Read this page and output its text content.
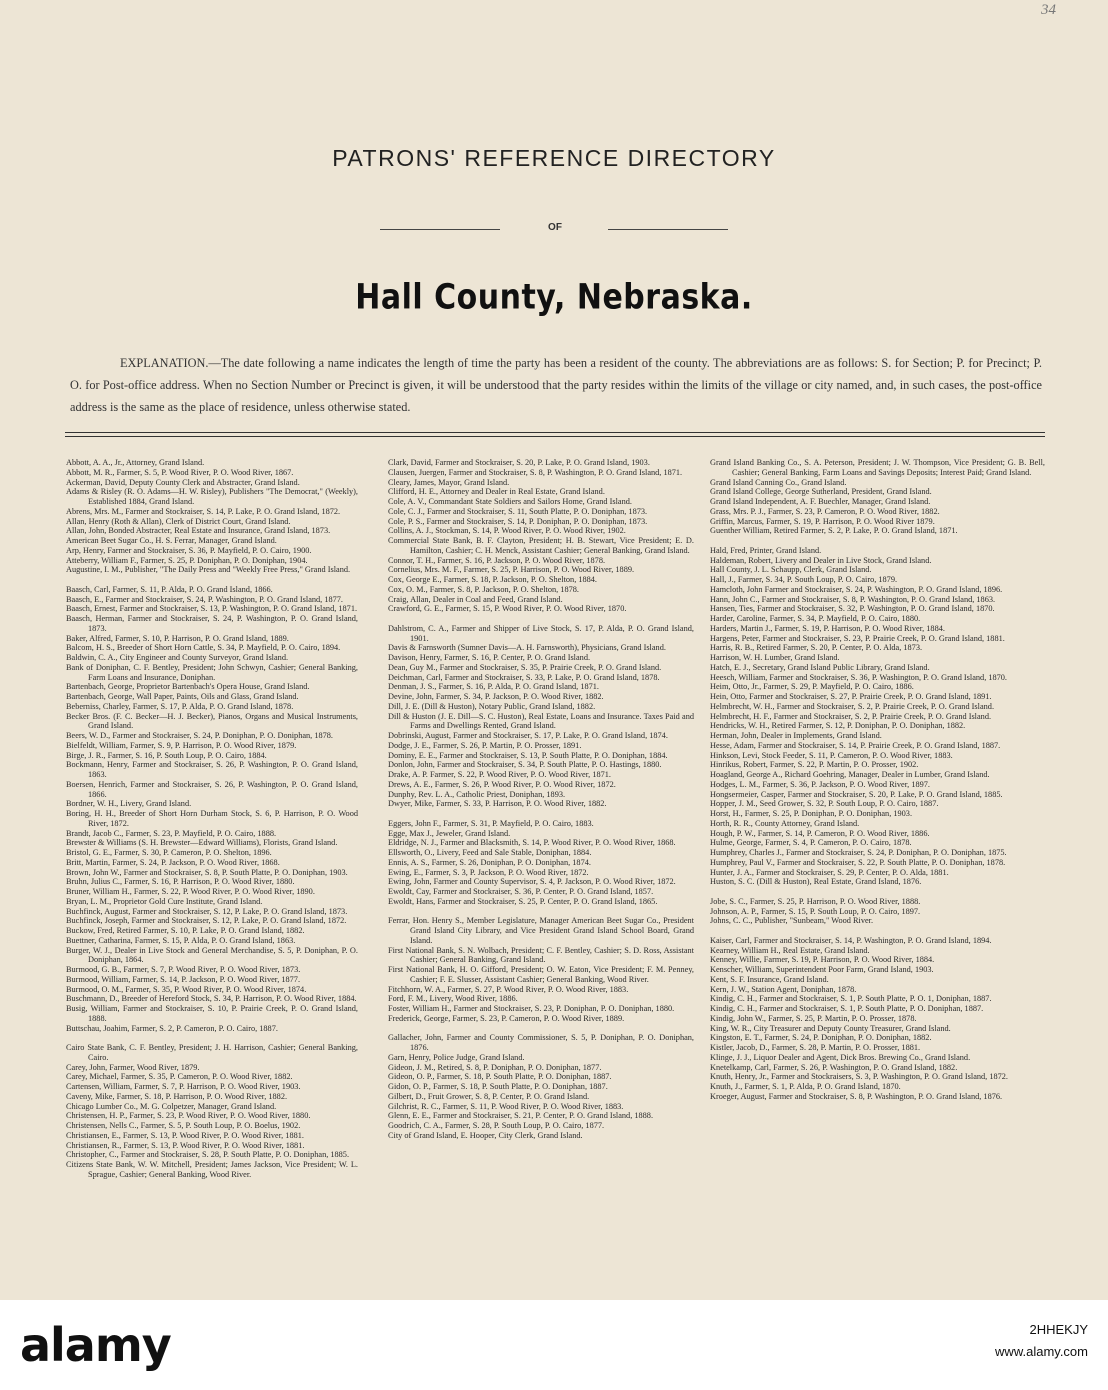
34
PATRONS' REFERENCE DIRECTORY
OF
Hall County, Nebraska.
EXPLANATION.—The date following a name indicates the length of time the party has been a resident of the county. The abbreviations are as follows: S. for Section; P. for Precinct; P. O. for Post-office address. When no Section Number or Precinct is given, it will be understood that the party resides within the limits of the village or city named, and, in such cases, the post-office address is the same as the place of residence, unless otherwise stated.
Abbott, A. A., Jr., Attorney, Grand Island.
Abbott, M. R., Farmer, S. 5, P. Wood River, P. O. Wood River, 1867.
Ackerman, David, Deputy County Clerk and Abstracter, Grand Island.
Adams & Risley (R. O. Adams—H. W. Risley), Publishers "The Democrat," (Weekly), Established 1884, Grand Island.
Abrens, Mrs. M., Farmer and Stockraiser, S. 14, P. Lake, P. O. Grand Island, 1872.
Allan, Henry (Roth & Allan), Clerk of District Court, Grand Island.
Allan, John, Bonded Abstracter, Real Estate and Insurance, Grand Island, 1873.
American Beet Sugar Co., H. S. Ferrar, Manager, Grand Island.
Arp, Henry, Farmer and Stockraiser, S. 36, P. Mayfield, P. O. Cairo, 1900.
Atteberry, William F., Farmer, S. 25, P. Doniphan, P. O. Doniphan, 1904.
Augustine, I. M., Publisher, "The Daily Press and "Weekly Free Press," Grand Island.
Baasch, Carl, Farmer, S. 11, P. Alda, P. O. Grand Island, 1866.
Baasch, E., Farmer and Stockraiser, S. 24, P. Washington, P. O. Grand Island, 1877.
Baasch, Ernest, Farmer and Stockraiser, S. 13, P. Washington, P. O. Grand Island, 1871.
Baasch, Herman, Farmer and Stockraiser, S. 24, P. Washington, P. O. Grand Island, 1873.
Baker, Alfred, Farmer, S. 10, P. Harrison, P. O. Grand Island, 1889.
Balcom, H. S., Breeder of Short Horn Cattle, S. 34, P. Mayfield, P. O. Cairo, 1894.
Baldwin, C. A., City Engineer and County Surveyor, Grand Island.
Bank of Doniphan, C. F. Bentley, President; John Schwyn, Cashier; General Banking, Farm Loans and Insurance, Doniphan.
Bartenbach, George, Proprietor Bartenbach's Opera House, Grand Island.
Bartenbach, George, Wall Paper, Paints, Oils and Glass, Grand Island.
Beberniss, Charley, Farmer, S. 17, P. Alda, P. O. Grand Island, 1878.
Becker Bros. (F. C. Becker—H. J. Becker), Pianos, Organs and Musical Instruments, Grand Island.
Beers, W. D., Farmer and Stockraiser, S. 24, P. Doniphan, P. O. Doniphan, 1878.
Bielfeldt, William, Farmer, S. 9, P. Harrison, P. O. Wood River, 1879.
Birge, J. R., Farmer, S. 16, P. South Loup, P. O. Cairo, 1884.
Bockmann, Henry, Farmer and Stockraiser, S. 26, P. Washington, P. O. Grand Island, 1863.
Boersen, Henrich, Farmer and Stockraiser, S. 26, P. Washington, P. O. Grand Island, 1866.
Bordner, W. H., Livery, Grand Island.
Boring, H. H., Breeder of Short Horn Durham Stock, S. 6, P. Harrison, P. O. Wood River, 1872.
Brandt, Jacob C., Farmer, S. 23, P. Mayfield, P. O. Cairo, 1888.
Brewster & Williams (S. H. Brewster—Edward Williams), Florists, Grand Island.
Bristol, G. E., Farmer, S. 30, P. Cameron, P. O. Shelton, 1896.
Britt, Martin, Farmer, S. 24, P. Jackson, P. O. Wood River, 1868.
Brown, John W., Farmer and Stockraiser, S. 8, P. South Platte, P. O. Doniphan, 1903.
Bruhn, Julius C., Farmer, S. 16, P. Harrison, P. O. Wood River, 1880.
Bruner, William H., Farmer, S. 22, P. Wood River, P. O. Wood River, 1890.
Bryan, L. M., Proprietor Gold Cure Institute, Grand Island.
Buchfinck, August, Farmer and Stockraiser, S. 12, P. Lake, P. O. Grand Island, 1873.
Buchfinck, Joseph, Farmer and Stockraiser, S. 12, P. Lake, P. O. Grand Island, 1872.
Buckow, Fred, Retired Farmer, S. 10, P. Lake, P. O. Grand Island, 1882.
Buettner, Catharina, Farmer, S. 15, P. Alda, P. O. Grand Island, 1863.
Burger, W. J., Dealer in Live Stock and General Merchandise, S. 5, P. Doniphan, P. O. Doniphan, 1864.
Burmood, G. B., Farmer, S. 7, P. Wood River, P. O. Wood River, 1873.
Burmood, William, Farmer, S. 14, P. Jackson, P. O. Wood River, 1877.
Burmood, O. M., Farmer, S. 35, P. Wood River, P. O. Wood River, 1874.
Buschmann, D., Breeder of Hereford Stock, S. 34, P. Harrison, P. O. Wood River, 1884.
Busig, William, Farmer and Stockraiser, S. 10, P. Prairie Creek, P. O. Grand Island, 1888.
Buttschau, Joahim, Farmer, S. 2, P. Cameron, P. O. Cairo, 1887.
Cairo State Bank, C. F. Bentley, President; J. H. Harrison, Cashier; General Banking, Cairo.
Carey, John, Farmer, Wood River, 1879.
Carey, Michael, Farmer, S. 35, P. Cameron, P. O. Wood River, 1882.
Cartensen, William, Farmer, S. 7, P. Harrison, P. O. Wood River, 1903.
Caveny, Mike, Farmer, S. 18, P. Harrison, P. O. Wood River, 1882.
Chicago Lumber Co., M. G. Colpetzer, Manager, Grand Island.
Christensen, H. P., Farmer, S. 23, P. Wood River, P. O. Wood River, 1880.
Christensen, Nells C., Farmer, S. 5, P. South Loup, P. O. Boelus, 1902.
Christiansen, E., Farmer, S. 13, P. Wood River, P. O. Wood River, 1881.
Christiansen, R., Farmer, S. 13, P. Wood River, P. O. Wood River, 1881.
Christopher, C., Farmer and Stockraiser, S. 28, P. South Platte, P. O. Doniphan, 1885.
Citizens State Bank, W. W. Mitchell, President; James Jackson, Vice President; W. L. Sprague, Cashier; General Banking, Wood River.
Clark, David, Farmer and Stockraiser, S. 20, P. Lake, P. O. Grand Island, 1903.
Clausen, Juergen, Farmer and Stockraiser, S. 8, P. Washington, P. O. Grand Island, 1871.
Cleary, James, Mayor, Grand Island.
Clifford, H. E., Attorney and Dealer in Real Estate, Grand Island.
Cole, A. V., Commandant State Soldiers and Sailors Home, Grand Island.
Cole, C. J., Farmer and Stockraiser, S. 11, South Platte, P. O. Doniphan, 1873.
Cole, P. S., Farmer and Stockraiser, S. 14, P. Doniphan, P. O. Doniphan, 1873.
Collins, A. J., Stockman, S. 14, P. Wood River, P. O. Wood River, 1902.
Commercial State Bank, B. F. Clayton, President; H. B. Stewart, Vice President; E. D. Hamilton, Cashier; C. H. Menck, Assistant Cashier; General Banking, Grand Island.
Connor, T. H., Farmer, S. 16, P. Jackson, P. O. Wood River, 1878.
Cornelius, Mrs. M. F., Farmer, S. 25, P. Harrison, P. O. Wood River, 1889.
Cox, George E., Farmer, S. 18, P. Jackson, P. O. Shelton, 1884.
Cox, O. M., Farmer, S. 8, P. Jackson, P. O. Shelton, 1878.
Craig, Allan, Dealer in Coal and Feed, Grand Island.
Crawford, G. E., Farmer, S. 15, P. Wood River, P. O. Wood River, 1870.
Dahlstrom, C. A., Farmer and Shipper of Live Stock, S. 17, P. Alda, P. O. Grand Island, 1901.
Davis & Farnsworth (Sumner Davis—A. H. Farnsworth), Physicians, Grand Island.
Davison, Henry, Farmer, S. 16, P. Center, P. O. Grand Island.
Dean, Guy M., Farmer and Stockraiser, S. 35, P. Prairie Creek, P. O. Grand Island.
Deichman, Carl, Farmer and Stockraiser, S. 33, P. Lake, P. O. Grand Island, 1878.
Denman, J. S., Farmer, S. 16, P. Alda, P. O. Grand Island, 1871.
Devine, John, Farmer, S. 34, P. Jackson, P. O. Wood River, 1882.
Dill, J. E. (Dill & Huston), Notary Public, Grand Island, 1882.
Dill & Huston (J. E. Dill—S. C. Huston), Real Estate, Loans and Insurance. Taxes Paid and Farms and Dwellings Rented, Grand Island.
Dobrinski, August, Farmer and Stockraiser, S. 17, P. Lake, P. O. Grand Island, 1874.
Dodge, J. E., Farmer, S. 26, P. Martin, P. O. Prosser, 1891.
Dominy, E. E., Farmer and Stockraiser, S. 13, P. South Platte, P. O. Doniphan, 1884.
Donlon, John, Farmer and Stockraiser, S. 34, P. South Platte, P. O. Hastings, 1880.
Drake, A. P. Farmer, S. 22, P. Wood River, P. O. Wood River, 1871.
Drews, A. E., Farmer, S. 26, P. Wood River, P. O. Wood River, 1872.
Dunphy, Rev. L. A., Catholic Priest, Doniphan, 1893.
Dwyer, Mike, Farmer, S. 33, P. Harrison, P. O. Wood River, 1882.
Eggers, John F., Farmer, S. 31, P. Mayfield, P. O. Cairo, 1883.
Egge, Max J., Jeweler, Grand Island.
Eldridge, N. J., Farmer and Blacksmith, S. 14, P. Wood River, P. O. Wood River, 1868.
Ellsworth, O., Livery, Feed and Sale Stable, Doniphan, 1884.
Ennis, A. S., Farmer, S. 26, Doniphan, P. O. Doniphan, 1874.
Ewing, E., Farmer, S. 3, P. Jackson, P. O. Wood River, 1872.
Ewing, John, Farmer and County Supervisor, S. 4, P. Jackson, P. O. Wood River, 1872.
Ewoldt, Cay, Farmer and Stockraiser, S. 36, P. Center, P. O. Grand Island, 1857.
Ewoldt, Hans, Farmer and Stockraiser, S. 25, P. Center, P. O. Grand Island, 1865.
Ferrar, Hon. Henry S., Member Legislature, Manager American Beet Sugar Co., President Grand Island City Library, and Vice President Grand Island School Board, Grand Island.
First National Bank, S. N. Wolbach, President; C. F. Bentley, Cashier; S. D. Ross, Assistant Cashier; General Banking, Grand Island.
First National Bank, H. O. Gifford, President; O. W. Eaton, Vice President; F. M. Penney, Cashier; F. E. Slusser, Assistant Cashier; General Banking, Wood River.
Fitchhorn, W. A., Farmer, S. 27, P. Wood River, P. O. Wood River, 1883.
Ford, F. M., Livery, Wood River, 1886.
Foster, William H., Farmer and Stockraiser, S. 23, P. Doniphan, P. O. Doniphan, 1880.
Frederick, George, Farmer, S. 23, P. Cameron, P. O. Wood River, 1889.
Gallacher, John, Farmer and County Commissioner, S. 5, P. Doniphan, P. O. Doniphan, 1876.
Garn, Henry, Police Judge, Grand Island.
Gideon, J. M., Retired, S. 8, P. Doniphan, P. O. Doniphan, 1877.
Gideon, O. P., Farmer, S. 18, P. South Platte, P. O. Doniphan, 1887.
Gidon, O. P., Farmer, S. 18, P. South Platte, P. O. Doniphan, 1887.
Gilbert, D., Fruit Grower, S. 8, P. Center, P. O. Grand Island.
Gilchrist, R. C., Farmer, S. 11, P. Wood River, P. O. Wood River, 1883.
Glenn, E. E., Farmer and Stockraiser, S. 21, P. Center, P. O. Grand Island, 1888.
Goodrich, C. A., Farmer, S. 28, P. South Loup, P. O. Cairo, 1877.
City of Grand Island, E. Hooper, City Clerk, Grand Island.
Grand Island Banking Co., S. A. Peterson, President; J. W. Thompson, Vice President; G. B. Bell, Cashier; General Banking, Farm Loans and Savings Deposits; Interest Paid; Grand Island.
Grand Island Canning Co., Grand Island.
Grand Island College, George Sutherland, President, Grand Island.
Grand Island Independent, A. F. Buechler, Manager, Grand Island.
Grass, Mrs. P. J., Farmer, S. 23, P. Cameron, P. O. Wood River, 1882.
Griffin, Marcus, Farmer, S. 19, P. Harrison, P. O. Wood River 1879.
Guenther William, Retired Farmer, S. 2, P. Lake, P. O. Grand Island, 1871.
Hald, Fred, Printer, Grand Island.
Haldeman, Robert, Livery and Dealer in Live Stock, Grand Island.
Hall County, J. L. Schaupp, Clerk, Grand Island.
Hall, J., Farmer, S. 34, P. South Loup, P. O. Cairo, 1879.
Hamcloth, John Farmer and Stockraiser, S. 24, P. Washington, P. O. Grand Island, 1896.
Hann, John C., Farmer and Stockraiser, S. 8, P. Washington, P. O. Grand Island, 1863.
Hansen, Ties, Farmer and Stockraiser, S. 32, P. Washington, P. O. Grand Island, 1870.
Harder, Caroline, Farmer, S. 34, P. Mayfield, P. O. Cairo, 1880.
Harders, Martin J., Farmer, S. 19, P. Harrison, P. O. Wood River, 1884.
Hargens, Peter, Farmer and Stockraiser, S. 23, P. Prairie Creek, P. O. Grand Island, 1881.
Harris, R. B., Retired Farmer, S. 20, P. Center, P. O. Alda, 1873.
Harrison, W. H. Lumber, Grand Island.
Hatch, E. J., Secretary, Grand Island Public Library, Grand Island.
Heesch, William, Farmer and Stockraiser, S. 36, P. Washington, P. O. Grand Island, 1870.
Heim, Otto, Jr., Farmer, S. 29, P. Mayfield, P. O. Cairo, 1886.
Hein, Otto, Farmer and Stockraiser, S. 27, P. Prairie Creek, P. O. Grand Island, 1891.
Helmbrecht, W. H., Farmer and Stockraiser, S. 2, P. Prairie Creek, P. O. Grand Island.
Helmbrecht, H. F., Farmer and Stockraiser, S. 2, P. Prairie Creek, P. O. Grand Island.
Hendricks, W. H., Retired Farmer, S. 12, P. Doniphan, P. O. Doniphan, 1882.
Herman, John, Dealer in Implements, Grand Island.
Hesse, Adam, Farmer and Stockraiser, S. 14, P. Prairie Creek, P. O. Grand Island, 1887.
Hinkson, Levi, Stock Feeder, S. 11, P. Cameron, P. O. Wood River, 1883.
Hinrikus, Robert, Farmer, S. 22, P. Martin, P. O. Prosser, 1902.
Hoagland, George A., Richard Goehring, Manager, Dealer in Lumber, Grand Island.
Hodges, L. M., Farmer, S. 36, P. Jackson, P. O. Wood River, 1897.
Hongsermeier, Casper, Farmer and Stockraiser, S. 20, P. Lake, P. O. Grand Island, 1885.
Hopper, J. M., Seed Grower, S. 32, P. South Loup, P. O. Cairo, 1887.
Horst, H., Farmer, S. 25, P. Doniphan, P. O. Doniphan, 1903.
Horth, R. R., County Attorney, Grand Island.
Hough, P. W., Farmer, S. 14, P. Cameron, P. O. Wood River, 1886.
Hulme, George, Farmer, S. 4, P. Cameron, P. O. Cairo, 1878.
Humphrey, Charles J., Farmer and Stockraiser, S. 24, P. Doniphan, P. O. Doniphan, 1875.
Humphrey, Paul V., Farmer and Stockraiser, S. 22, P. South Platte, P. O. Doniphan, 1878.
Hunter, J. A., Farmer and Stockraiser, S. 29, P. Center, P. O. Alda, 1881.
Huston, S. C. (Dill & Huston), Real Estate, Grand Island, 1876.
Jobe, S. C., Farmer, S. 25, P. Harrison, P. O. Wood River, 1888.
Johnson, A. P., Farmer, S. 15, P. South Loup, P. O. Cairo, 1897.
Johns, C. C., Publisher, "Sunbeam," Wood River.
Kaiser, Carl, Farmer and Stockraiser, S. 14, P. Washington, P. O. Grand Island, 1894.
Kearney, William H., Real Estate, Grand Island.
Kenney, Willie, Farmer, S. 19, P. Harrison, P. O. Wood River, 1884.
Kenscher, William, Superintendent Poor Farm, Grand Island, 1903.
Kent, S. F. Insurance, Grand Island.
Kern, J. W., Station Agent, Doniphan, 1878.
Kindig, C. H., Farmer and Stockraiser, S. 1, P. South Platte, P. O. 1, Doniphan, 1887.
Kindig, C. H., Farmer and Stockraiser, S. 1, P. South Platte, P. O. Doniphan, 1887.
Kindig, John W., Farmer, S. 25, P. Martin, P. O. Prosser, 1878.
King, W. R., City Treasurer and Deputy County Treasurer, Grand Island.
Kingston, E. T., Farmer, S. 24, P. Doniphan, P. O. Doniphan, 1882.
Kistler, Jacob, D., Farmer, S. 28, P. Martin, P. O. Prosser, 1881.
Klinge, J. J., Liquor Dealer and Agent, Dick Bros. Brewing Co., Grand Island.
Knetelkamp, Carl, Farmer, S. 26, P. Washington, P. O. Grand Island, 1882.
Knuth, Henry, Jr., Farmer and Stockraisers, S. 3, P. Washington, P. O. Grand Island, 1872.
Knuth, J., Farmer, S. 1, P. Alda, P. O. Grand Island, 1870.
Kroeger, August, Farmer and Stockraiser, S. 8, P. Washington, P. O. Grand Island, 1876.
alamy	2HHEKJY
www.alamy.com
